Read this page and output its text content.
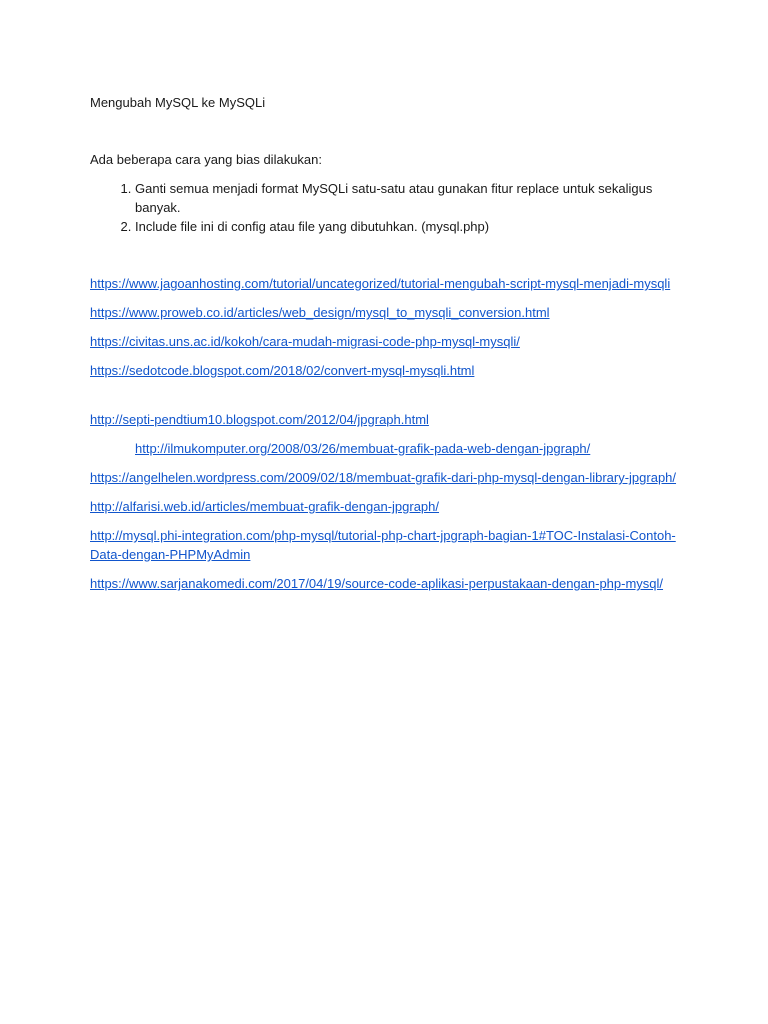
Mengubah MySQL ke MySQLi

Ada beberapa cara yang bias dilakukan:

1. Ganti semua menjadi format MySQLi satu-satu atau gunakan fitur replace untuk sekaligus banyak.
2. Include file ini di config atau file yang dibutuhkan. (mysql.php)
https://www.jagoanhosting.com/tutorial/uncategorized/tutorial-mengubah-script-mysql-menjadi-mysqli
https://www.proweb.co.id/articles/web_design/mysql_to_mysqli_conversion.html
https://civitas.uns.ac.id/kokoh/cara-mudah-migrasi-code-php-mysql-mysqli/
https://sedotcode.blogspot.com/2018/02/convert-mysql-mysqli.html
http://septi-pendtium10.blogspot.com/2012/04/jpgraph.html
http://ilmukomputer.org/2008/03/26/membuat-grafik-pada-web-dengan-jpgraph/
https://angelhelen.wordpress.com/2009/02/18/membuat-grafik-dari-php-mysql-dengan-library-jpgraph/
http://alfarisi.web.id/articles/membuat-grafik-dengan-jpgraph/
http://mysql.phi-integration.com/php-mysql/tutorial-php-chart-jpgraph-bagian-1#TOC-Instalasi-Contoh-Data-dengan-PHPMyAdmin
https://www.sarjanakomedi.com/2017/04/19/source-code-aplikasi-perpustakaan-dengan-php-mysql/
